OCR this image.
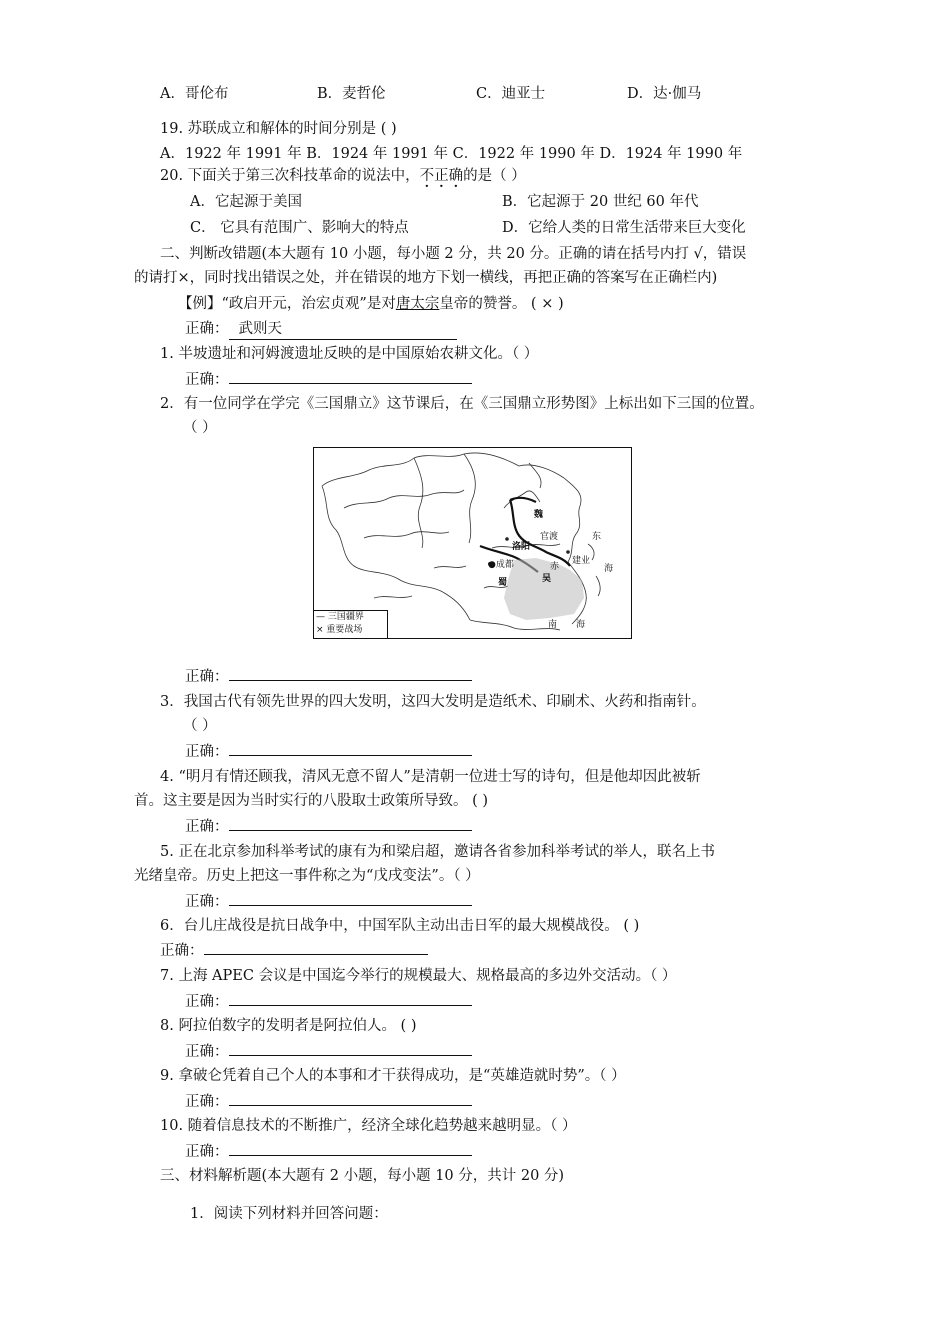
A．哥伦布	B．麦哲伦	C．迪亚士	D．达·伽马
19. 苏联成立和解体的时间分别是 ( )
A．1922 年 1991 年 B．1924 年 1991 年 C．1922 年 1990 年 D．1924 年 1990 年
20. 下面关于第三次科技革命的说法中，不正确的是（ ）
A．它起源于美国	B．它起源于 20 世纪 60 年代
C． 它具有范围广、影响大的特点	D．它给人类的日常生活带来巨大变化
二、判断改错题(本大题有 10 小题，每小题 2 分，共 20 分。正确的请在括号内打 √，错误
的请打×，同时找出错误之处，并在错误的地方下划一横线，再把正确的答案写在正确栏内)
【例】“政启开元，治宏贞观”是对唐太宗皇帝的赞誉。 ( × )
正确： 武则天
1. 半坡遗址和河姆渡遗址反映的是中国原始农耕文化。（ ）
正确：
2．有一位同学在学完《三国鼎立》这节课后，在《三国鼎立形势图》上标出如下三国的位置。
（ ）
魏
官渡
洛阳
赤
建业
●成都
蜀	吴
东
海
南 海
— 三国疆界
× 重要战场
正确：
3．我国古代有领先世界的四大发明，这四大发明是造纸术、印刷术、火药和指南针。
（ ）
正确：
4. “明月有情还顾我，清风无意不留人”是清朝一位进士写的诗句，但是他却因此被斩
首。这主要是因为当时实行的八股取士政策所导致。 ( )
正确：
5. 正在北京参加科举考试的康有为和梁启超，邀请各省参加科举考试的举人，联名上书
光绪皇帝。历史上把这一事件称之为“戊戌变法”。（ ）
正确：
6．台儿庄战役是抗日战争中，中国军队主动出击日军的最大规模战役。 ( )
正确：
7. 上海 APEC 会议是中国迄今举行的规模最大、规格最高的多边外交活动。（ ）
正确：
8. 阿拉伯数字的发明者是阿拉伯人。 ( )
正确：
9. 拿破仑凭着自己个人的本事和才干获得成功，是“英雄造就时势”。（ ）
正确：
10. 随着信息技术的不断推广，经济全球化趋势越来越明显。（ ）
正确：
三、材料解析题(本大题有 2 小题，每小题 10 分，共计 20 分)
1．阅读下列材料并回答问题：
